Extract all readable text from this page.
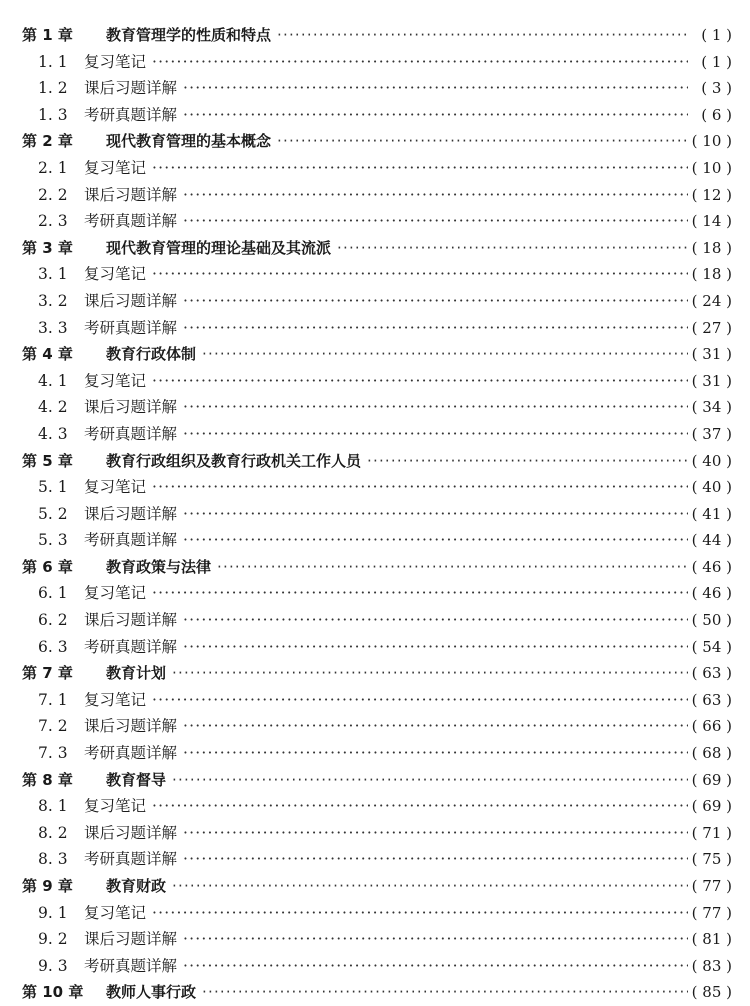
第 1 章	教育管理学的性质和特点 ·····	( 1 )
1. 1	复习笔记 ·····	( 1 )
1. 2	课后习题详解 ·····	( 3 )
1. 3	考研真题详解 ·····	( 6 )
第 2 章	现代教育管理的基本概念 ·····	( 10 )
2. 1	复习笔记 ·····	( 10 )
2. 2	课后习题详解 ·····	( 12 )
2. 3	考研真题详解 ·····	( 14 )
第 3 章	现代教育管理的理论基础及其流派 ·····	( 18 )
3. 1	复习笔记 ·····	( 18 )
3. 2	课后习题详解 ·····	( 24 )
3. 3	考研真题详解 ·····	( 27 )
第 4 章	教育行政体制 ·····	( 31 )
4. 1	复习笔记 ·····	( 31 )
4. 2	课后习题详解 ·····	( 34 )
4. 3	考研真题详解 ·····	( 37 )
第 5 章	教育行政组织及教育行政机关工作人员 ·····	( 40 )
5. 1	复习笔记 ·····	( 40 )
5. 2	课后习题详解 ·····	( 41 )
5. 3	考研真题详解 ·····	( 44 )
第 6 章	教育政策与法律 ·····	( 46 )
6. 1	复习笔记 ·····	( 46 )
6. 2	课后习题详解 ·····	( 50 )
6. 3	考研真题详解 ·····	( 54 )
第 7 章	教育计划 ·····	( 63 )
7. 1	复习笔记 ·····	( 63 )
7. 2	课后习题详解 ·····	( 66 )
7. 3	考研真题详解 ·····	( 68 )
第 8 章	教育督导 ·····	( 69 )
8. 1	复习笔记 ·····	( 69 )
8. 2	课后习题详解 ·····	( 71 )
8. 3	考研真题详解 ·····	( 75 )
第 9 章	教育财政 ·····	( 77 )
9. 1	复习笔记 ·····	( 77 )
9. 2	课后习题详解 ·····	( 81 )
9. 3	考研真题详解 ·····	( 83 )
第 10 章	教师人事行政 ·····	( 85 )
